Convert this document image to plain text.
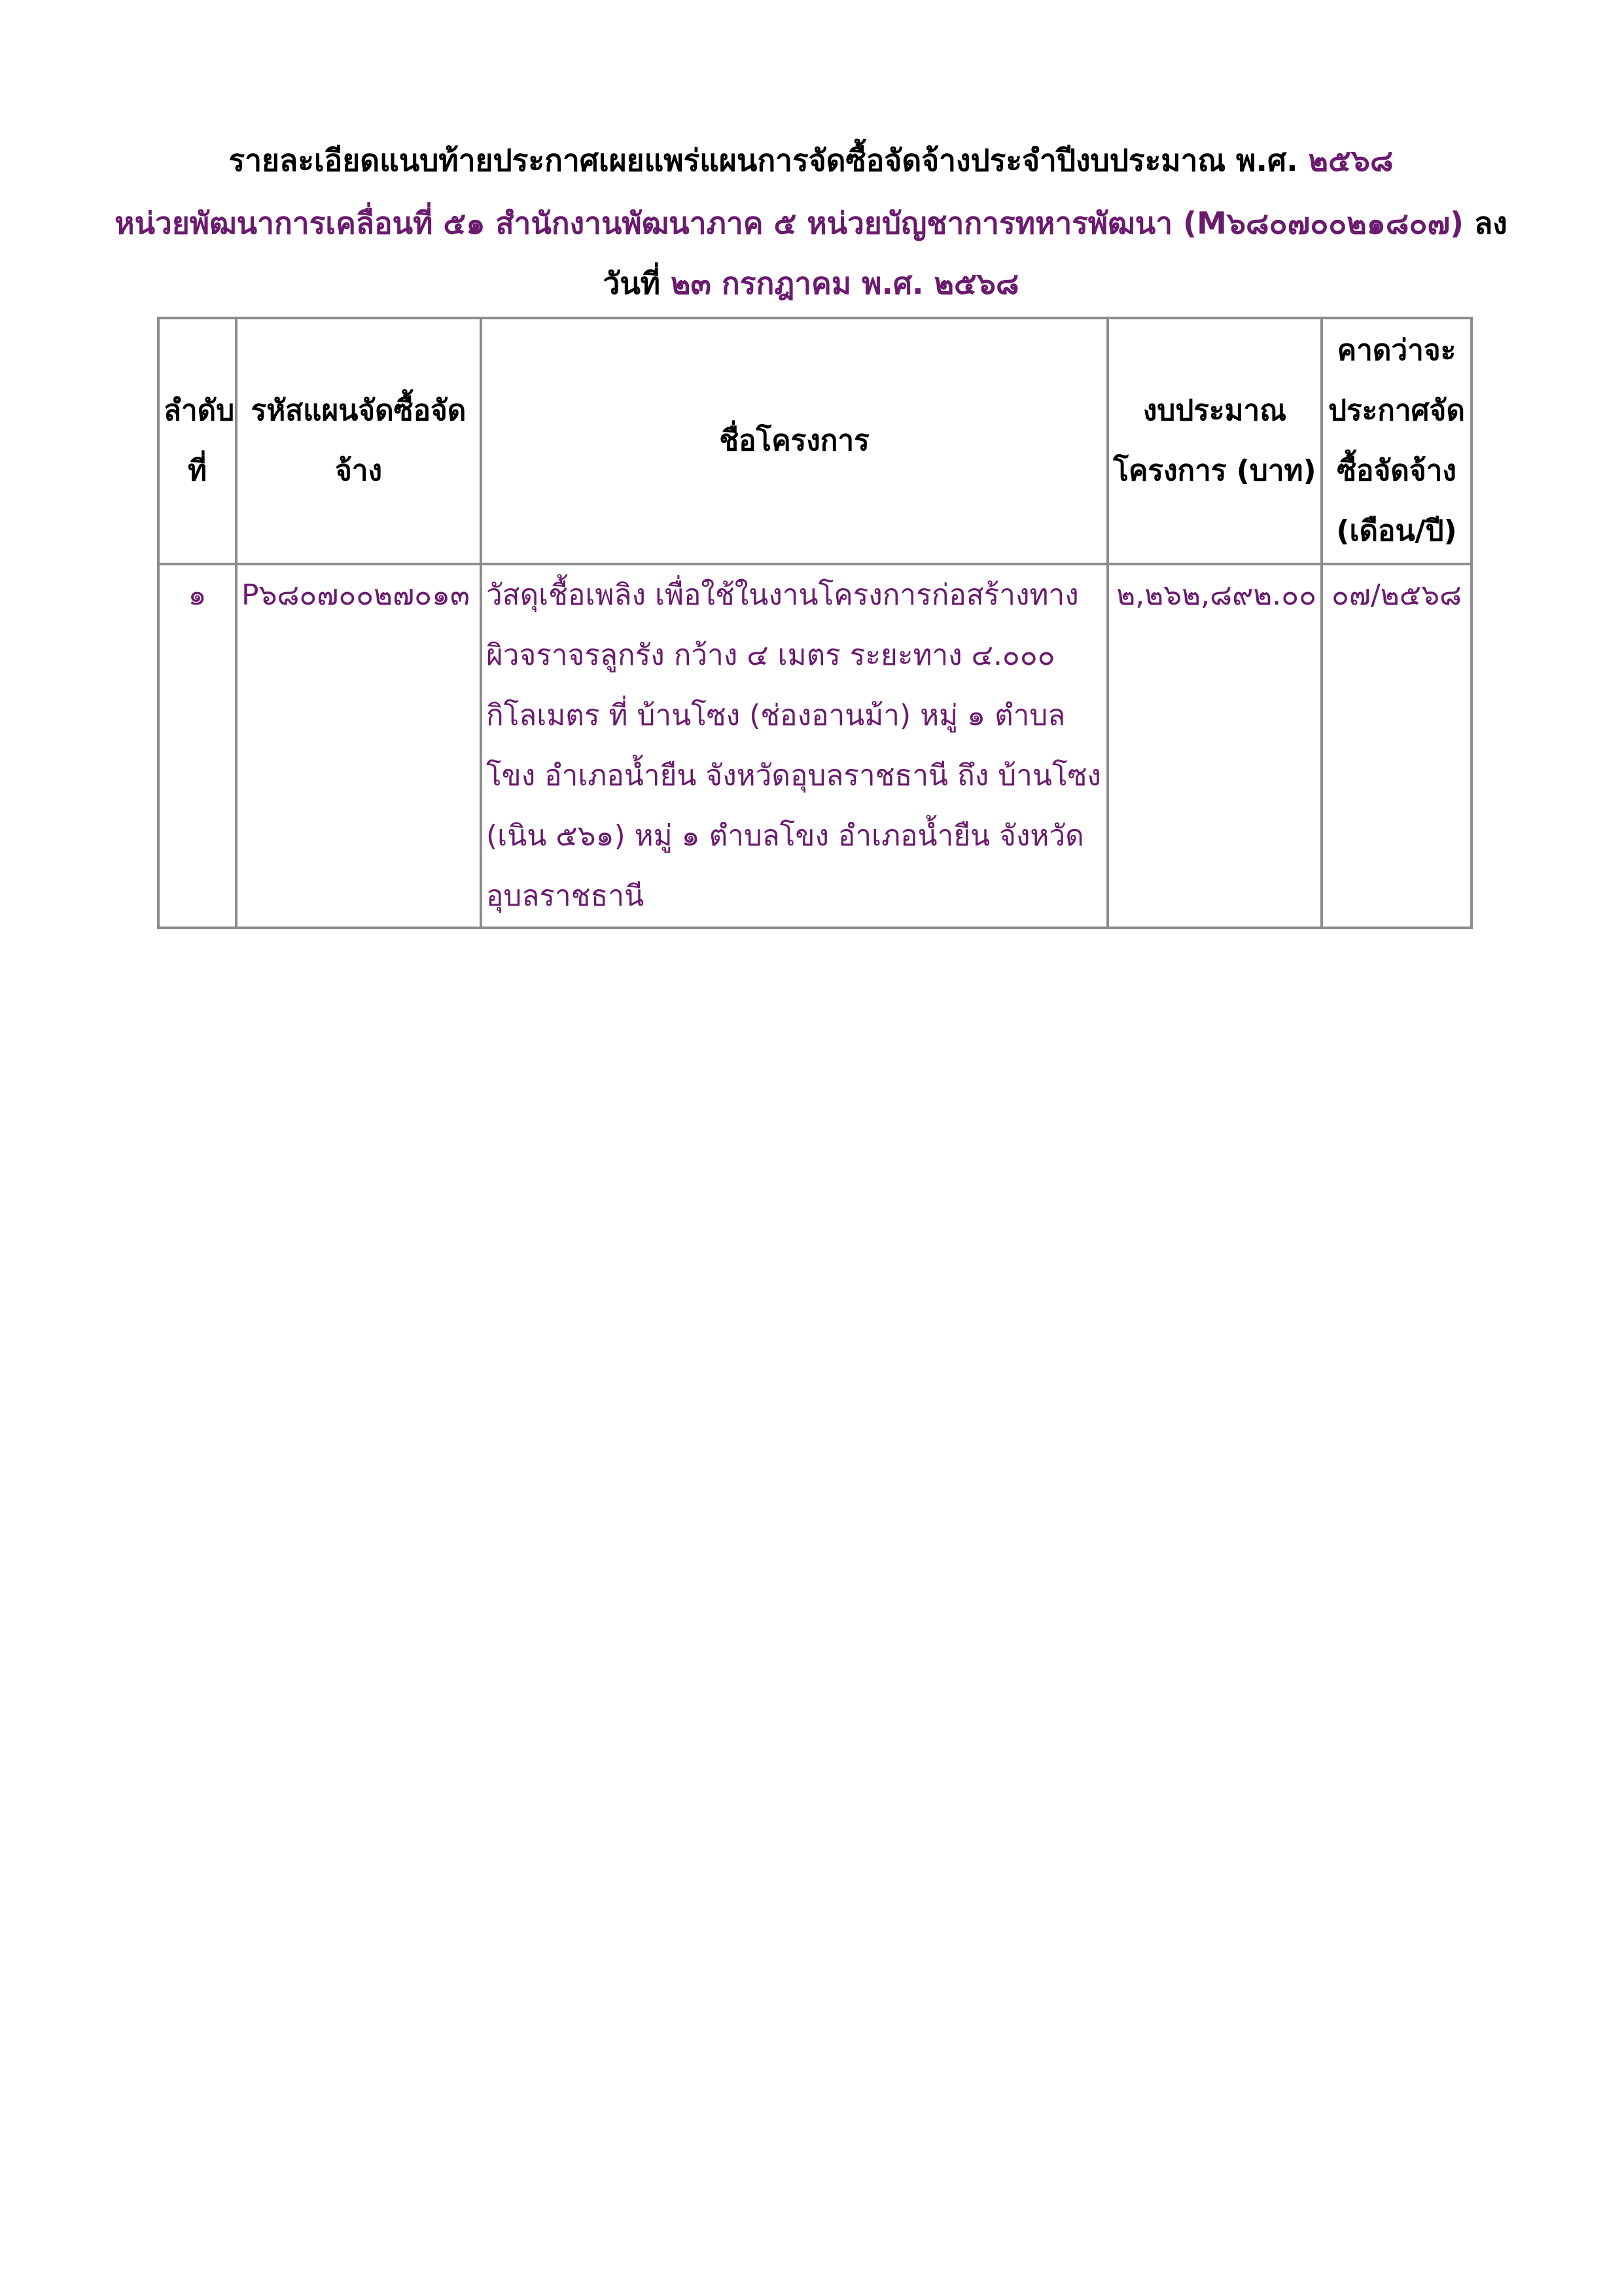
รายละเอียดแนบท้ายประกาศเผยแพร่แผนการจัดซื้อจัดจ้างประจำปีงบประมาณ พ.ศ. ๒๕๖๘
หน่วยพัฒนาการเคลื่อนที่ ๕๑ สำนักงานพัฒนาภาค ๕ หน่วยบัญชาการทหารพัฒนา (M๖๘๐๗๐๐๒๑๘๐๗) ลง
วันที่ ๒๓ กรกฎาคม พ.ศ. ๒๕๖๘
ลำดับที่	รหัสแผนจัดซื้อจัดจ้าง	ชื่อโครงการ	งบประมาณโครงการ (บาท)	คาดว่าจะประกาศจัดซื้อจัดจ้าง (เดือน/ปี)
๑	P๖๘๐๗๐๐๒๗๐๑๓	วัสดุเชื้อเพลิง เพื่อใช้ในงานโครงการก่อสร้างทางผิวจราจรลูกรัง กว้าง ๔ เมตร ระยะทาง ๔.๐๐๐ กิโลเมตร ที่ บ้านโซง (ช่องอานม้า) หมู่ ๑ ตำบลโขง อำเภอน้ำยืน จังหวัดอุบลราชธานี ถึง บ้านโซง (เนิน ๕๖๑) หมู่ ๑ ตำบลโขง อำเภอน้ำยืน จังหวัดอุบลราชธานี	๒,๒๖๒,๘๙๒.๐๐	๐๗/๒๕๖๘
